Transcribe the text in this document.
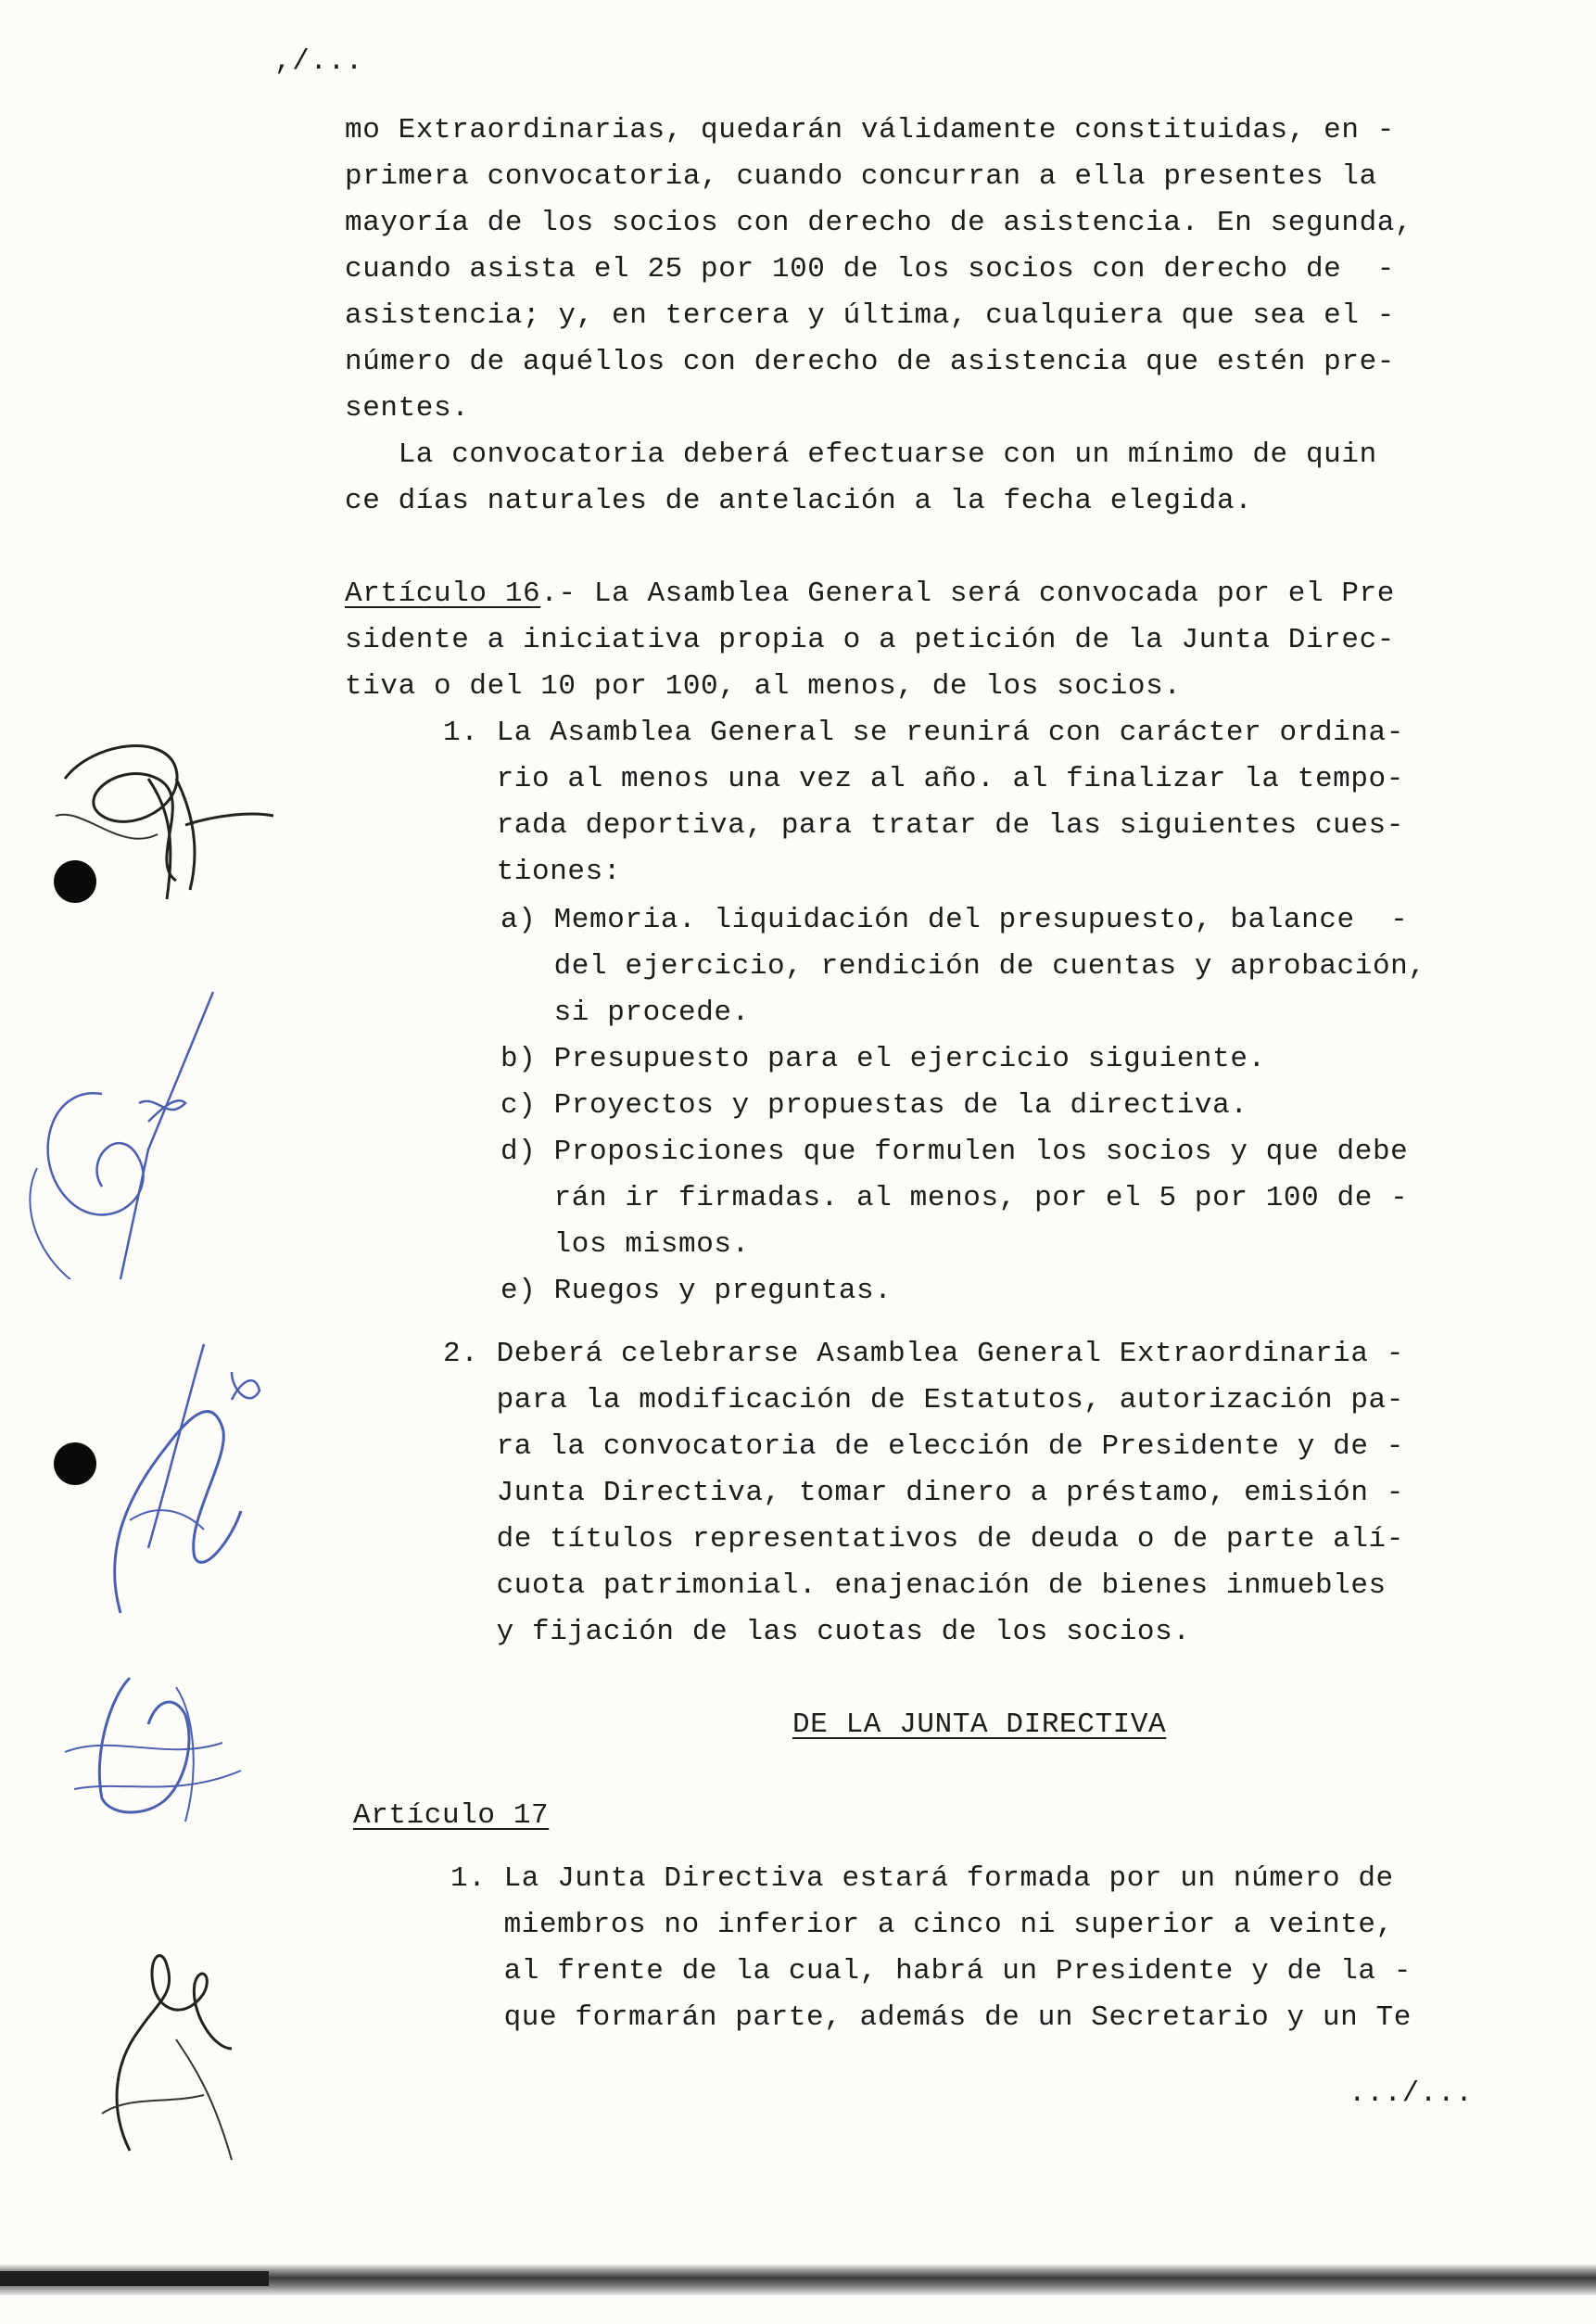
,/...
mo Extraordinarias, quedarán válidamente constituidas, en -
primera convocatoria, cuando concurran a ella presentes la
mayoría de los socios con derecho de asistencia. En segunda,
cuando asista el 25 por 100 de los socios con derecho de  -
asistencia; y, en tercera y última, cualquiera que sea el -
número de aquéllos con derecho de asistencia que estén pre-
sentes.
La convocatoria deberá efectuarse con un mínimo de quin
ce días naturales de antelación a la fecha elegida.
Artículo 16.- La Asamblea General será convocada por el Pre
sidente a iniciativa propia o a petición de la Junta Direc-
tiva o del 10 por 100, al menos, de los socios.
1. La Asamblea General se reunirá con carácter ordina-
rio al menos una vez al año. al finalizar la tempo-
rada deportiva, para tratar de las siguientes cues-
tiones:
a) Memoria. liquidación del presupuesto, balance  -
del ejercicio, rendición de cuentas y aprobación,
si procede.
b) Presupuesto para el ejercicio siguiente.
c) Proyectos y propuestas de la directiva.
d) Proposiciones que formulen los socios y que debe
rán ir firmadas. al menos, por el 5 por 100 de -
los mismos.
e) Ruegos y preguntas.
2. Deberá celebrarse Asamblea General Extraordinaria -
para la modificación de Estatutos, autorización pa-
ra la convocatoria de elección de Presidente y de -
Junta Directiva, tomar dinero a préstamo, emisión -
de títulos representativos de deuda o de parte alí-
cuota patrimonial. enajenación de bienes inmuebles
y fijación de las cuotas de los socios.
DE LA JUNTA DIRECTIVA
Artículo 17
1. La Junta Directiva estará formada por un número de
miembros no inferior a cinco ni superior a veinte,
al frente de la cual, habrá un Presidente y de la -
que formarán parte, además de un Secretario y un Te
.../...
